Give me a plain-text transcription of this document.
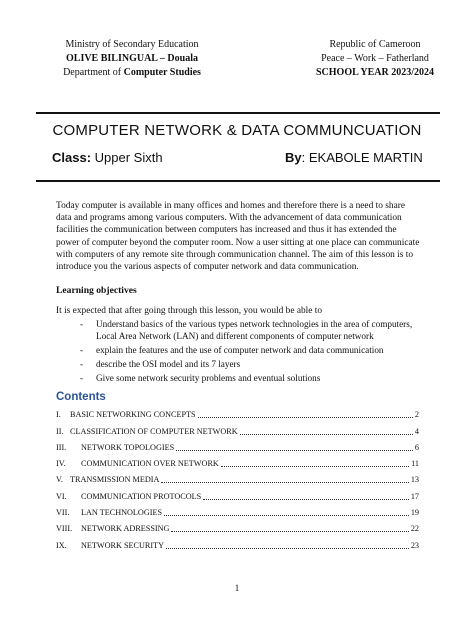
Ministry of Secondary Education
OLIVE BILINGUAL – Douala
Department of Computer Studies
Republic of Cameroon
Peace – Work – Fatherland
SCHOOL YEAR 2023/2024
COMPUTER NETWORK & DATA COMMUNCUATION
Class: Upper Sixth	By: EKABOLE MARTIN
Today computer is available in many offices and homes and therefore there is a need to share
data and programs among various computers. With the advancement of data communication
facilities the communication between computers has increased and thus it has extended the
power of computer beyond the computer room. Now a user sitting at one place can communicate
with computers of any remote site through communication channel. The aim of this lesson is to
introduce you the various aspects of computer network and data communication.
Learning objectives
It is expected that after going through this lesson, you would be able to
- Understand basics of the various types network technologies in the area of computers, Local Area Network (LAN) and different components of computer network
- explain the features and the use of computer network and data communication
- describe the OSI model and its 7 layers
- Give some network security problems and eventual solutions
Contents
I.	BASIC NETWORKING CONCEPTS	2
II. CLASSIFICATION OF COMPUTER NETWORK	4
III.	NETWORK TOPOLOGIES	6
IV.	COMMUNICATION OVER NETWORK	11
V. TRANSMISSION MEDIA	13
VI.	COMMUNICATION PROTOCOLS	17
VII.	LAN TECHNOLOGIES	19
VIII.	NETWORK ADRESSING	22
IX.	NETWORK SECURITY	23
1
